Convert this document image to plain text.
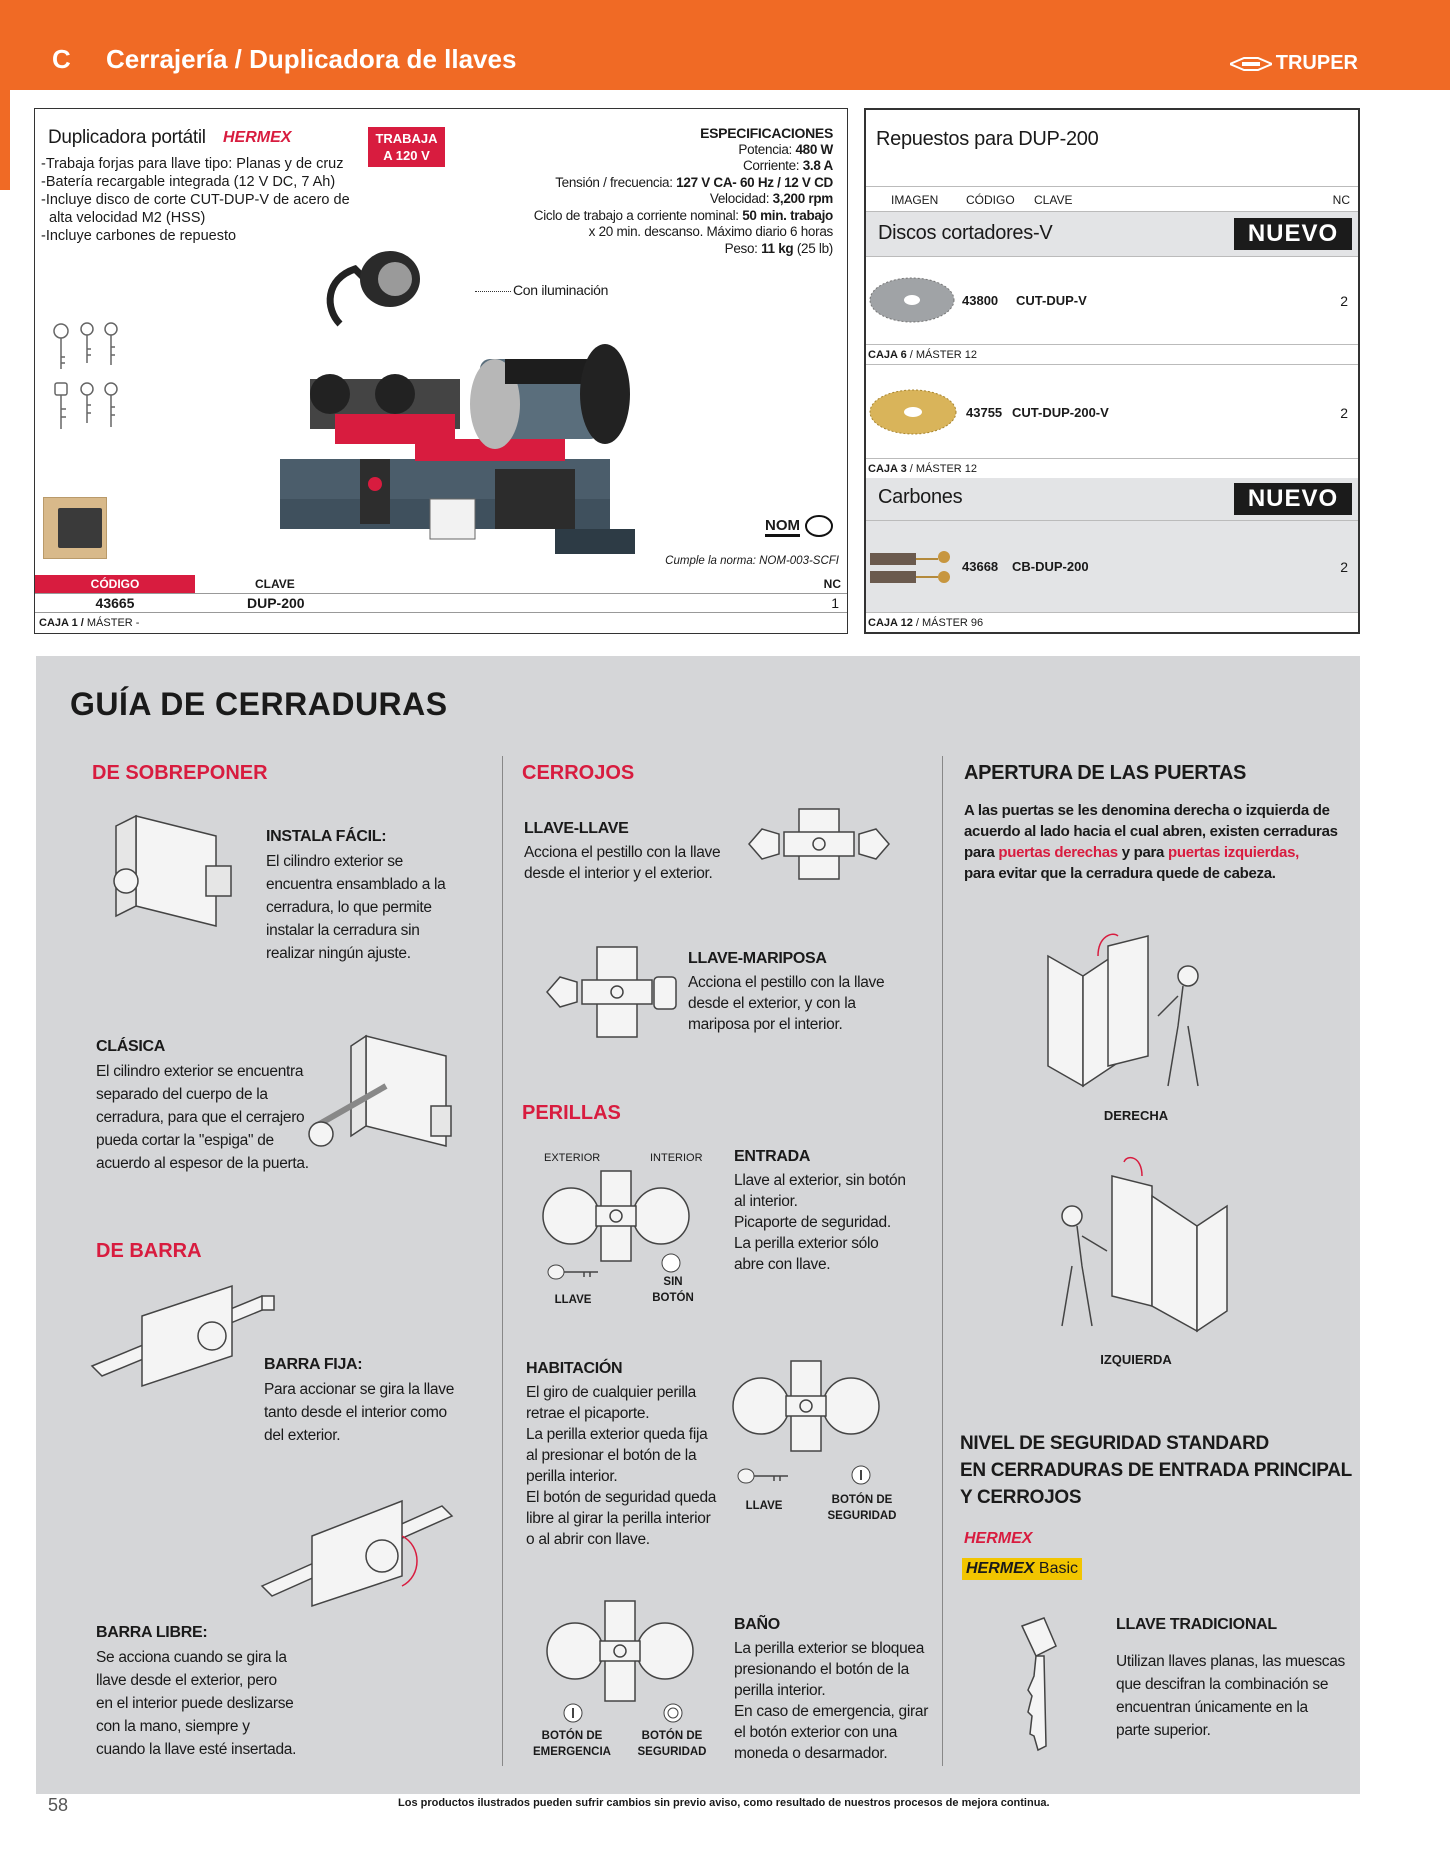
C Cerrajería / Duplicadora de llaves	TRUPER
Duplicadora portátil HERMEX	TRABAJA
A 120 V
-Trabaja forjas para llave tipo: Planas y de cruz
-Batería recargable integrada (12 V DC, 7 Ah)
-Incluye disco de corte CUT-DUP-V de acero de alta velocidad M2 (HSS)
-Incluye carbones de repuesto
ESPECIFICACIONES
Potencia: 480 W
Corriente: 3.8 A
Tensión / frecuencia: 127 V CA- 60 Hz / 12 V CD
Velocidad: 3,200 rpm
Ciclo de trabajo a corriente nominal: 50 min. trabajo
x 20 min. descanso. Máximo diario 6 horas
Peso: 11 kg (25 lb)
Con iluminación
NOM
Cumple la norma: NOM-003-SCFI
CÓDIGO	CLAVE	NC
43665	DUP-200	1
CAJA 1 / MÁSTER -
Repuestos para DUP-200
IMAGEN CÓDIGO CLAVE	NC
Discos cortadores-V	NUEVO
43800 CUT-DUP-V	2
CAJA 6 / MÁSTER 12
43755 CUT-DUP-200-V	2
CAJA 3 / MÁSTER 12
Carbones	NUEVO
43668 CB-DUP-200	2
CAJA 12 / MÁSTER 96
GUÍA DE CERRADURAS
DE SOBREPONER
INSTALA FÁCIL:
El cilindro exterior se
encuentra ensamblado a la
cerradura, lo que permite
instalar la cerradura sin
realizar ningún ajuste.
CLÁSICA
El cilindro exterior se encuentra
separado del cuerpo de la
cerradura, para que el cerrajero
pueda cortar la "espiga" de
acuerdo al espesor de la puerta.
DE BARRA
BARRA FIJA:
Para accionar se gira la llave
tanto desde el interior como
del exterior.
BARRA LIBRE:
Se acciona cuando se gira la
llave desde el exterior, pero
en el interior puede deslizarse
con la mano, siempre y
cuando la llave esté insertada.
CERROJOS
LLAVE-LLAVE
Acciona el pestillo con la llave
desde el interior y el exterior.
LLAVE-MARIPOSA
Acciona el pestillo con la llave
desde el exterior, y con la
mariposa por el interior.
PERILLAS
EXTERIOR	INTERIOR
LLAVE
SIN
BOTÓN
ENTRADA
Llave al exterior, sin botón
al interior.
Picaporte de seguridad.
La perilla exterior sólo
abre con llave.
HABITACIÓN
El giro de cualquier perilla
retrae el picaporte.
La perilla exterior queda fija
al presionar el botón de la
perilla interior.
El botón de seguridad queda
libre al girar la perilla interior
o al abrir con llave.
LLAVE	BOTÓN DE
SEGURIDAD
BOTÓN DE
EMERGENCIA
BOTÓN DE
SEGURIDAD
BAÑO
La perilla exterior se bloquea
presionando el botón de la
perilla interior.
En caso de emergencia, girar
el botón exterior con una
moneda o desarmador.
APERTURA DE LAS PUERTAS
A las puertas se les denomina derecha o izquierda de
acuerdo al lado hacia el cual abren, existen cerraduras
para puertas derechas y para puertas izquierdas,
para evitar que la cerradura quede de cabeza.
DERECHA
IZQUIERDA
NIVEL DE SEGURIDAD STANDARD
EN CERRADURAS DE ENTRADA PRINCIPAL
Y CERROJOS
HERMEX
HERMEX Basic
LLAVE TRADICIONAL
Utilizan llaves planas, las muescas
que descifran la combinación se
encuentran únicamente en la
parte superior.
58	Los productos ilustrados pueden sufrir cambios sin previo aviso, como resultado de nuestros procesos de mejora continua.
